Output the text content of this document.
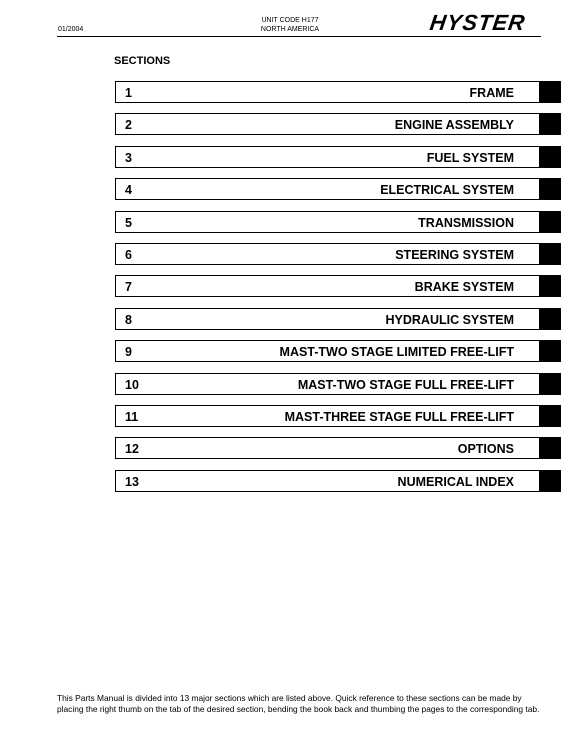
01/2004
UNIT CODE H177
NORTH AMERICA	HYSTER
SECTIONS
1	FRAME
2	ENGINE ASSEMBLY
3	FUEL SYSTEM
4	ELECTRICAL SYSTEM
5	TRANSMISSION
6	STEERING SYSTEM
7	BRAKE SYSTEM
8	HYDRAULIC SYSTEM
9	MAST-TWO STAGE LIMITED FREE-LIFT
10	MAST-TWO STAGE FULL FREE-LIFT
11	MAST-THREE STAGE FULL FREE-LIFT
12	OPTIONS
13	NUMERICAL INDEX
This Parts Manual is divided into 13 major sections which are listed above. Quick reference to these sections can be made by placing the right thumb on the tab of the desired section, bending the book back and thumbing the pages to the corresponding tab.
